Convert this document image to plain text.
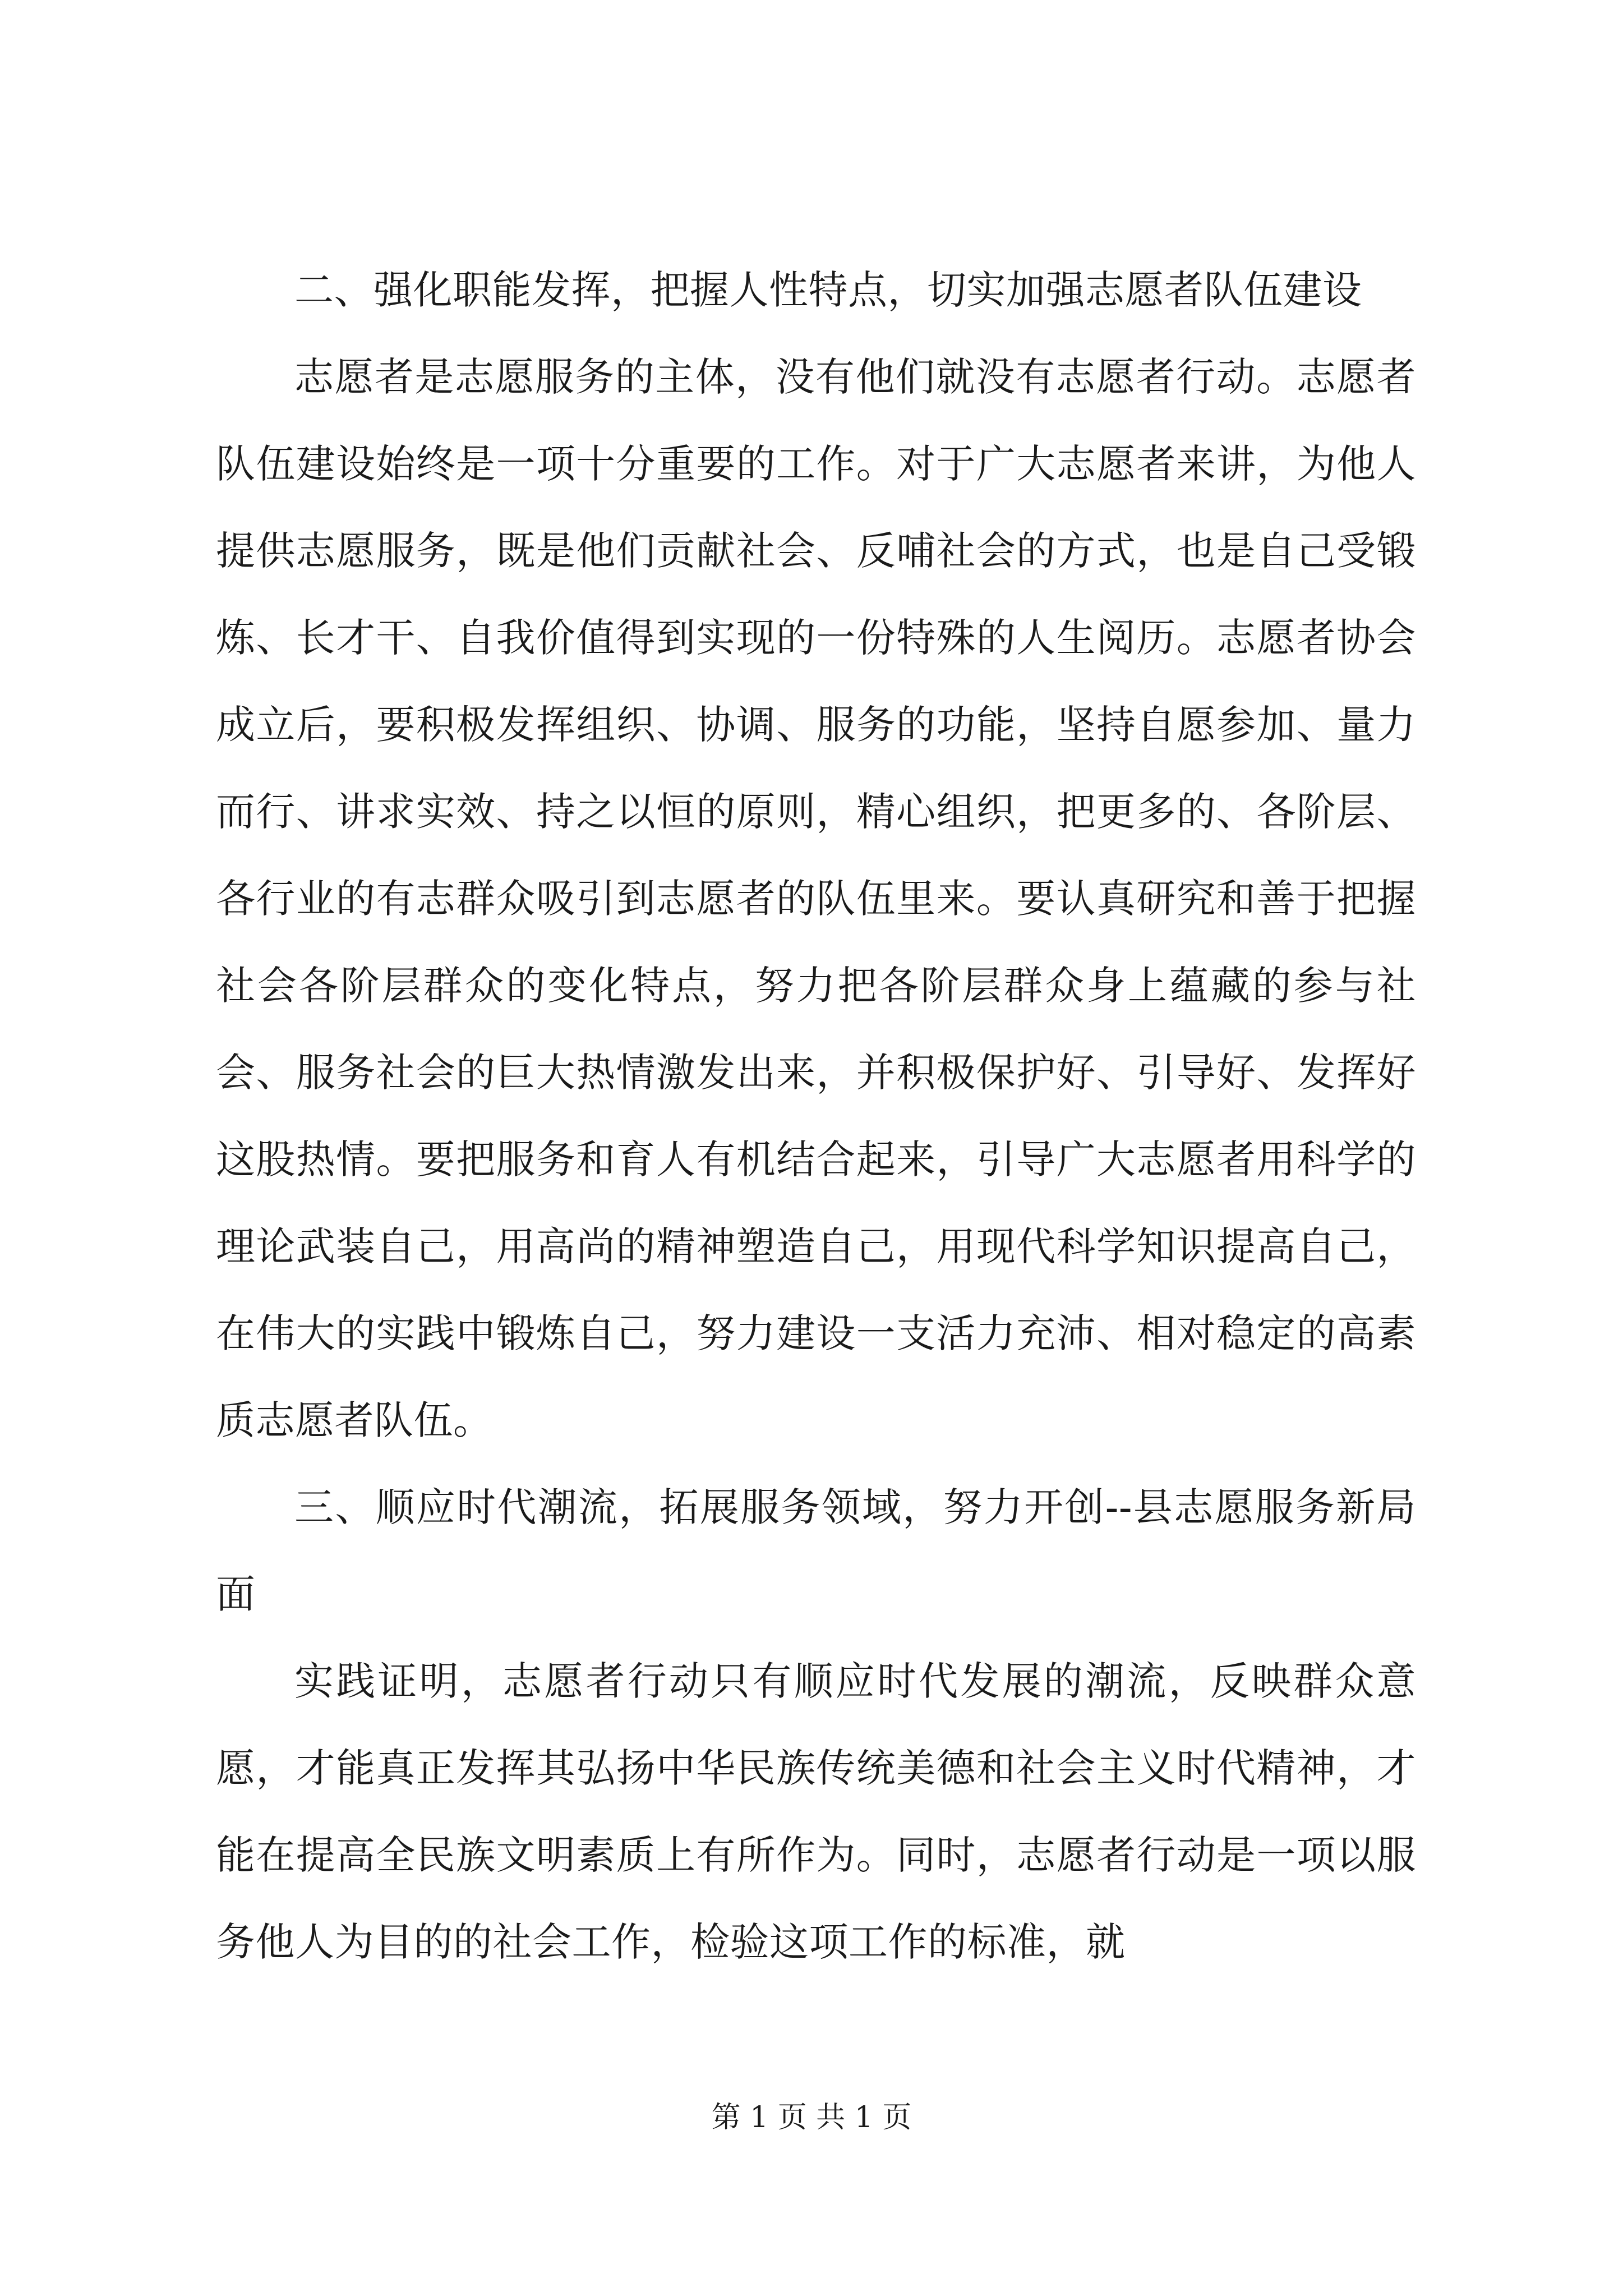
二、强化职能发挥，把握人性特点，切实加强志愿者队伍建设

志愿者是志愿服务的主体，没有他们就没有志愿者行动。志愿者队伍建设始终是一项十分重要的工作。对于广大志愿者来讲，为他人提供志愿服务，既是他们贡献社会、反哺社会的方式，也是自己受锻炼、长才干、自我价值得到实现的一份特殊的人生阅历。志愿者协会成立后，要积极发挥组织、协调、服务的功能，坚持自愿参加、量力而行、讲求实效、持之以恒的原则，精心组织，把更多的、各阶层、各行业的有志群众吸引到志愿者的队伍里来。要认真研究和善于把握社会各阶层群众的变化特点，努力把各阶层群众身上蕴藏的参与社会、服务社会的巨大热情激发出来，并积极保护好、引导好、发挥好这股热情。要把服务和育人有机结合起来，引导广大志愿者用科学的理论武装自己，用高尚的精神塑造自己，用现代科学知识提高自己，在伟大的实践中锻炼自己，努力建设一支活力充沛、相对稳定的高素质志愿者队伍。

三、顺应时代潮流，拓展服务领域，努力开创--县志愿服务新局面

实践证明，志愿者行动只有顺应时代发展的潮流，反映群众意愿，才能真正发挥其弘扬中华民族传统美德和社会主义时代精神，才能在提高全民族文明素质上有所作为。同时，志愿者行动是一项以服务他人为目的的社会工作，检验这项工作的标准，就

第 1 页 共 1 页
